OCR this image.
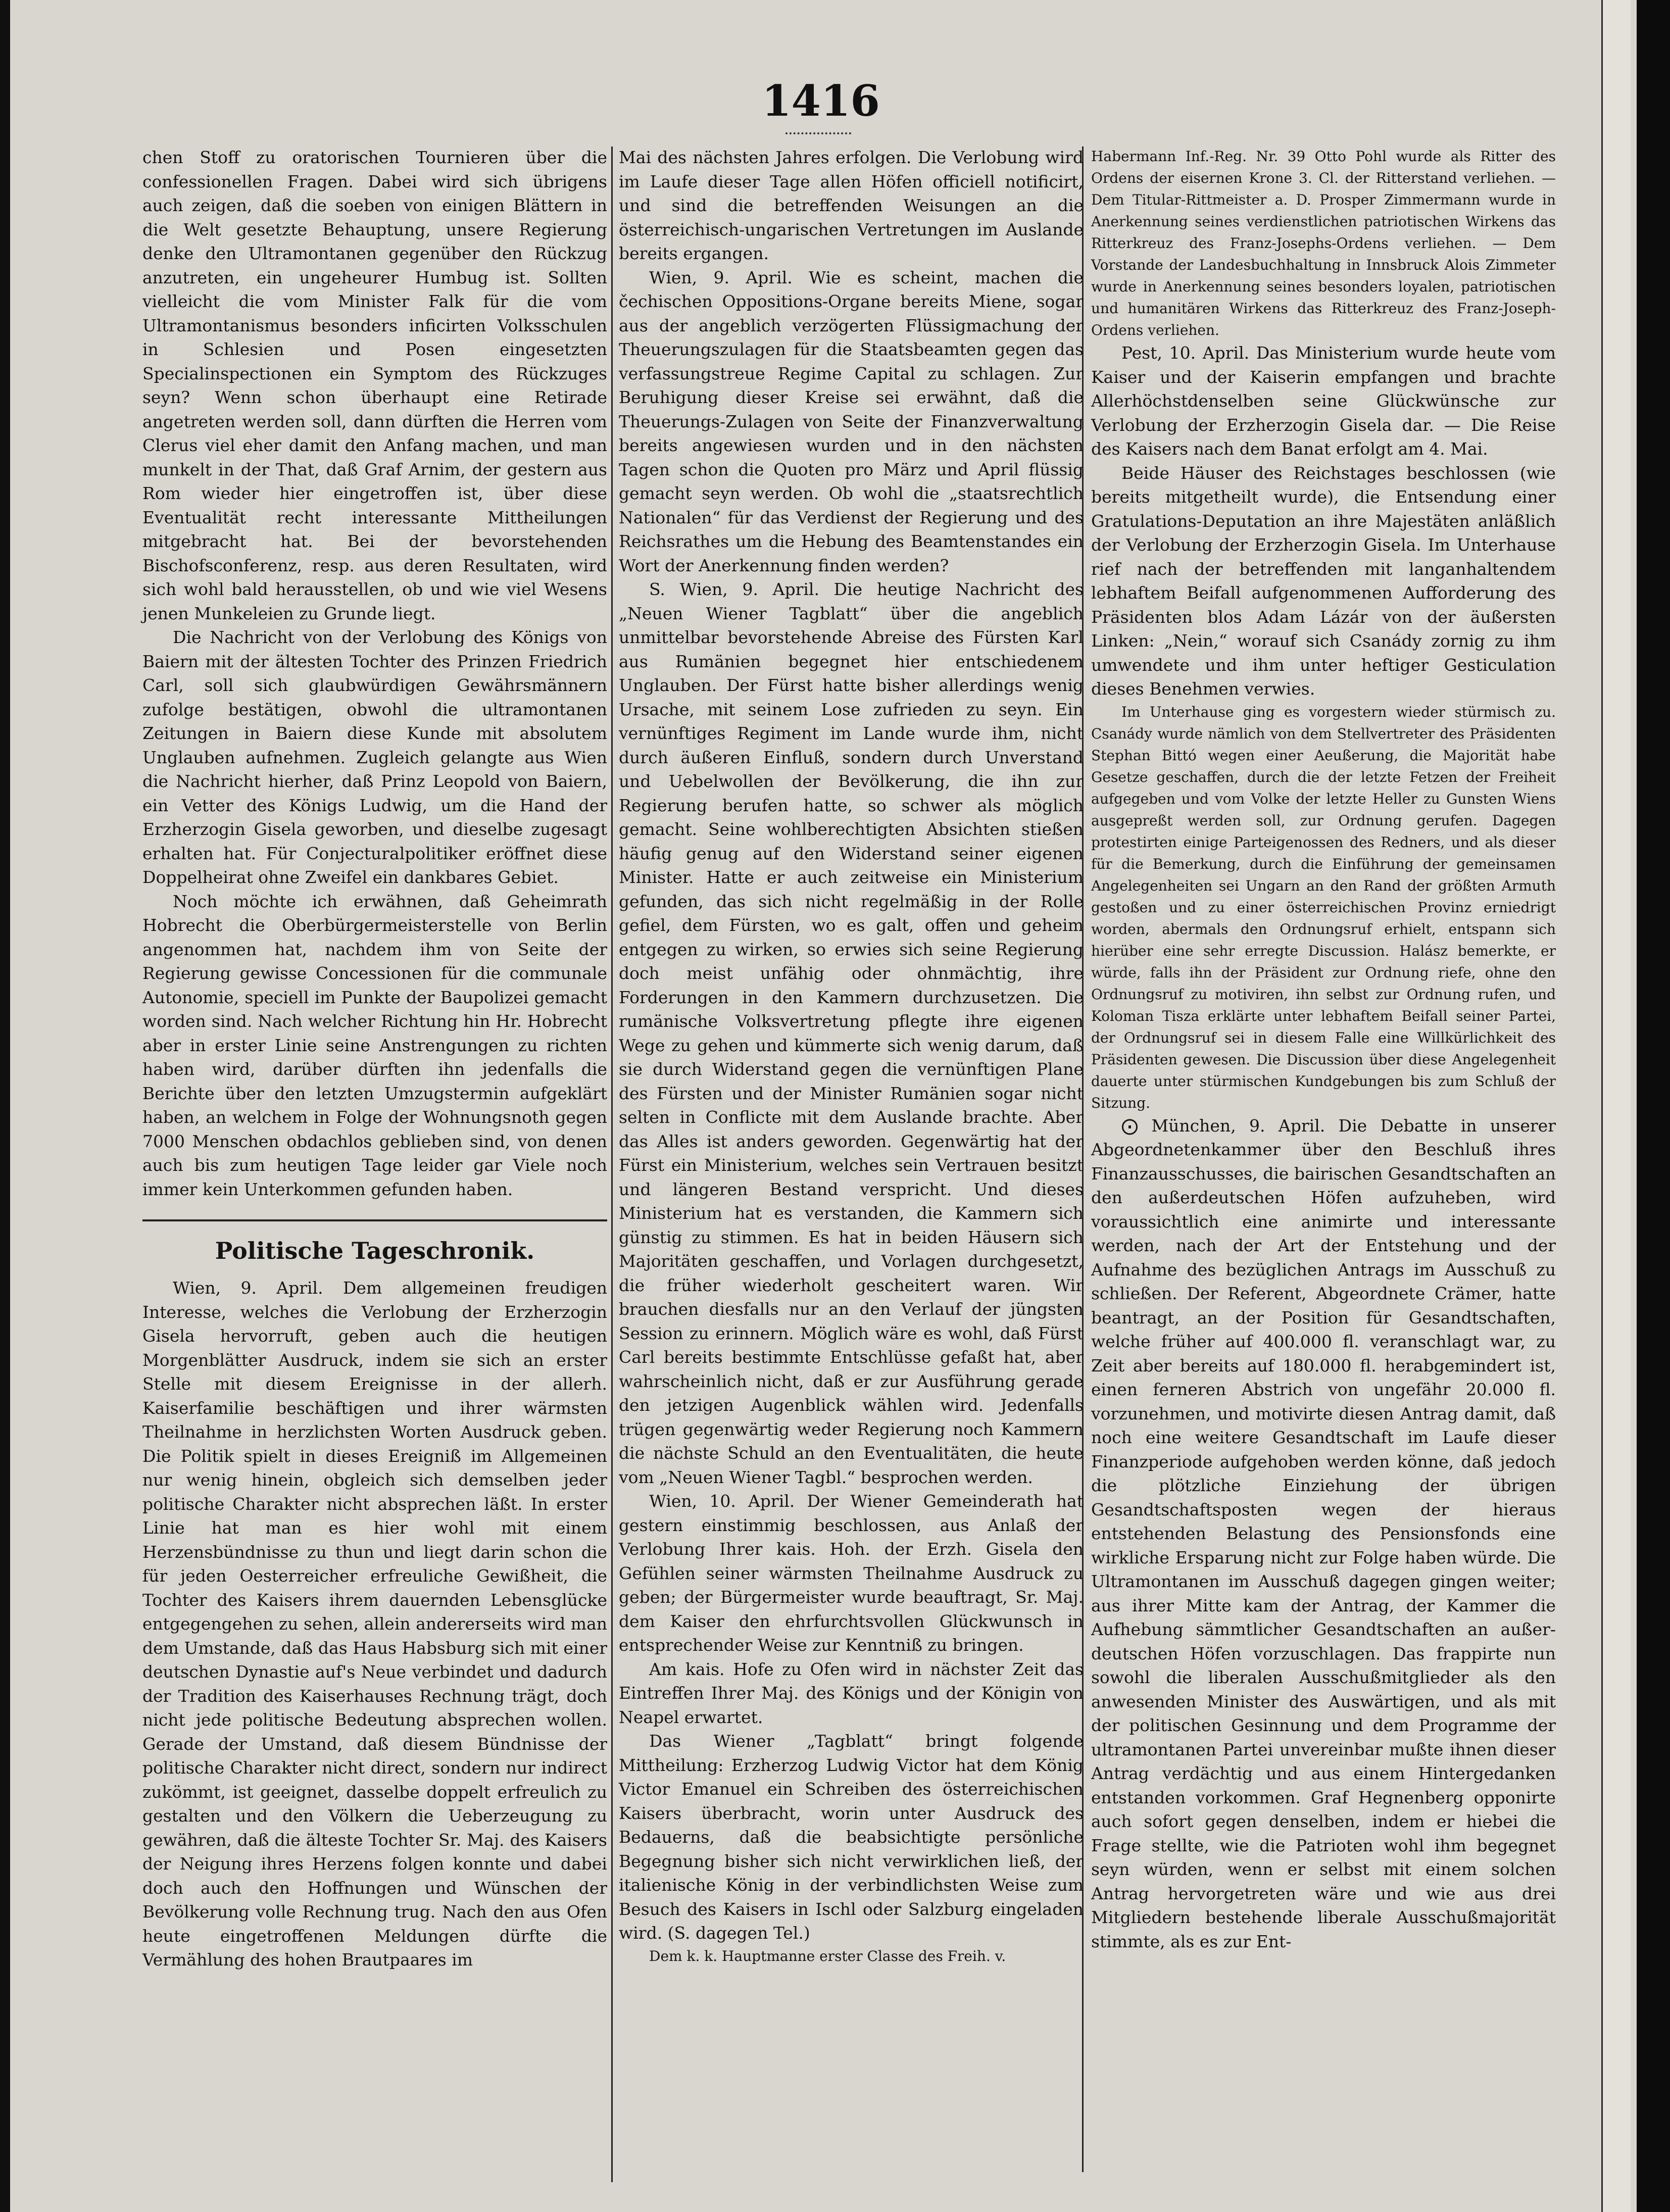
1416

chen Stoff zu oratorischen Tournieren über die confessionellen Fragen. Dabei wird sich übrigens auch zeigen, daß die soeben von einigen Blättern in die Welt gesetzte Behauptung, unsere Regierung denke den Ultramontanen gegenüber den Rückzug anzutreten, ein ungeheurer Humbug ist. Sollten vielleicht die vom Minister Falk für die vom Ultramontanismus besonders inficirten Volksschulen in Schlesien und Posen eingesetzten Specialinspectionen ein Symptom des Rückzuges seyn? Wenn schon überhaupt eine Retirade angetreten werden soll, dann dürften die Herren vom Clerus viel eher damit den Anfang machen, und man munkelt in der That, daß Graf Arnim, der gestern aus Rom wieder hier eingetroffen ist, über diese Eventualität recht interessante Mittheilungen mitgebracht hat. Bei der bevorstehenden Bischofsconferenz, resp. aus deren Resultaten, wird sich wohl bald herausstellen, ob und wie viel Wesens jenen Munkeleien zu Grunde liegt.

Die Nachricht von der Verlobung des Königs von Baiern mit der ältesten Tochter des Prinzen Friedrich Carl, soll sich glaubwürdigen Gewährsmännern zufolge bestätigen, obwohl die ultramontanen Zeitungen in Baiern diese Kunde mit absolutem Unglauben aufnehmen. Zugleich gelangte aus Wien die Nachricht hierher, daß Prinz Leopold von Baiern, ein Vetter des Königs Ludwig, um die Hand der Erzherzogin Gisela geworben, und dieselbe zugesagt erhalten hat. Für Conjecturalpolitiker eröffnet diese Doppelheirat ohne Zweifel ein dankbares Gebiet.

Noch möchte ich erwähnen, daß Geheimrath Hobrecht die Oberbürgermeisterstelle von Berlin angenommen hat, nachdem ihm von Seite der Regierung gewisse Concessionen für die communale Autonomie, speciell im Punkte der Baupolizei gemacht worden sind. Nach welcher Richtung hin Hr. Hobrecht aber in erster Linie seine Anstrengungen zu richten haben wird, darüber dürften ihn jedenfalls die Berichte über den letzten Umzugstermin aufgeklärt haben, an welchem in Folge der Wohnungsnoth gegen 7000 Menschen obdachlos geblieben sind, von denen auch bis zum heutigen Tage leider gar Viele noch immer kein Unterkommen gefunden haben.

Politische Tageschronik.

Wien, 9. April. Dem allgemeinen freudigen Interesse, welches die Verlobung der Erzherzogin Gisela hervorruft, geben auch die heutigen Morgenblätter Ausdruck, indem sie sich an erster Stelle mit diesem Ereignisse in der allerh. Kaiserfamilie beschäftigen und ihrer wärmsten Theilnahme in herzlichsten Worten Ausdruck geben. Die Politik spielt in dieses Ereigniß im Allgemeinen nur wenig hinein, obgleich sich demselben jeder politische Charakter nicht absprechen läßt. In erster Linie hat man es hier wohl mit einem Herzensbündnisse zu thun und liegt darin schon die für jeden Oesterreicher erfreuliche Gewißheit, die Tochter des Kaisers ihrem dauernden Lebensglücke entgegengehen zu sehen, allein andererseits wird man dem Umstande, daß das Haus Habsburg sich mit einer deutschen Dynastie auf's Neue verbindet und dadurch der Tradition des Kaiserhauses Rechnung trägt, doch nicht jede politische Bedeutung absprechen wollen. Gerade der Umstand, daß diesem Bündnisse der politische Charakter nicht direct, sondern nur indirect zukömmt, ist geeignet, dasselbe doppelt erfreulich zu gestalten und den Völkern die Ueberzeugung zu gewähren, daß die älteste Tochter Sr. Maj. des Kaisers der Neigung ihres Herzens folgen konnte und dabei doch auch den Hoffnungen und Wünschen der Bevölkerung volle Rechnung trug. Nach den aus Ofen heute eingetroffenen Meldungen dürfte die Vermählung des hohen Brautpaares im

Mai des nächsten Jahres erfolgen. Die Verlobung wird im Laufe dieser Tage allen Höfen officiell notificirt, und sind die betreffenden Weisungen an die österreichisch-ungarischen Vertretungen im Auslande bereits ergangen.

Wien, 9. April. Wie es scheint, machen die čechischen Oppositions-Organe bereits Miene, sogar aus der angeblich verzögerten Flüssigmachung der Theuerungszulagen für die Staatsbeamten gegen das verfassungstreue Regime Capital zu schlagen. Zur Beruhigung dieser Kreise sei erwähnt, daß die Theuerungs-Zulagen von Seite der Finanzverwaltung bereits angewiesen wurden und in den nächsten Tagen schon die Quoten pro März und April flüssig gemacht seyn werden. Ob wohl die „staatsrechtlich Nationalen“ für das Verdienst der Regierung und des Reichsrathes um die Hebung des Beamtenstandes ein Wort der Anerkennung finden werden?

S. Wien, 9. April. Die heutige Nachricht des „Neuen Wiener Tagblatt“ über die angeblich unmittelbar bevorstehende Abreise des Fürsten Karl aus Rumänien begegnet hier entschiedenem Unglauben. Der Fürst hatte bisher allerdings wenig Ursache, mit seinem Lose zufrieden zu seyn. Ein vernünftiges Regiment im Lande wurde ihm, nicht durch äußeren Einfluß, sondern durch Unverstand und Uebelwollen der Bevölkerung, die ihn zur Regierung berufen hatte, so schwer als möglich gemacht. Seine wohlberechtigten Absichten stießen häufig genug auf den Widerstand seiner eigenen Minister. Hatte er auch zeitweise ein Ministerium gefunden, das sich nicht regelmäßig in der Rolle gefiel, dem Fürsten, wo es galt, offen und geheim entgegen zu wirken, so erwies sich seine Regierung doch meist unfähig oder ohnmächtig, ihre Forderungen in den Kammern durchzusetzen. Die rumänische Volksvertretung pflegte ihre eigenen Wege zu gehen und kümmerte sich wenig darum, daß sie durch Widerstand gegen die vernünftigen Plane des Fürsten und der Minister Rumänien sogar nicht selten in Conflicte mit dem Auslande brachte. Aber das Alles ist anders geworden. Gegenwärtig hat der Fürst ein Ministerium, welches sein Vertrauen besitzt und längeren Bestand verspricht. Und dieses Ministerium hat es verstanden, die Kammern sich günstig zu stimmen. Es hat in beiden Häusern sich Majoritäten geschaffen, und Vorlagen durchgesetzt, die früher wiederholt gescheitert waren. Wir brauchen diesfalls nur an den Verlauf der jüngsten Session zu erinnern. Möglich wäre es wohl, daß Fürst Carl bereits bestimmte Entschlüsse gefaßt hat, aber wahrscheinlich nicht, daß er zur Ausführung gerade den jetzigen Augenblick wählen wird. Jedenfalls trügen gegenwärtig weder Regierung noch Kammern die nächste Schuld an den Eventualitäten, die heute vom „Neuen Wiener Tagbl.“ besprochen werden.

Wien, 10. April. Der Wiener Gemeinderath hat gestern einstimmig beschlossen, aus Anlaß der Verlobung Ihrer kais. Hoh. der Erzh. Gisela den Gefühlen seiner wärmsten Theilnahme Ausdruck zu geben; der Bürgermeister wurde beauftragt, Sr. Maj. dem Kaiser den ehrfurchtsvollen Glückwunsch in entsprechender Weise zur Kenntniß zu bringen.

Am kais. Hofe zu Ofen wird in nächster Zeit das Eintreffen Ihrer Maj. des Königs und der Königin von Neapel erwartet.

Das Wiener „Tagblatt“ bringt folgende Mittheilung: Erzherzog Ludwig Victor hat dem König Victor Emanuel ein Schreiben des österreichischen Kaisers überbracht, worin unter Ausdruck des Bedauerns, daß die beabsichtigte persönliche Begegnung bisher sich nicht verwirklichen ließ, der italienische König in der verbindlichsten Weise zum Besuch des Kaisers in Ischl oder Salzburg eingeladen wird. (S. dagegen Tel.)

Dem k. k. Hauptmanne erster Classe des Freih. v.

Habermann Inf.-Reg. Nr. 39 Otto Pohl wurde als Ritter des Ordens der eisernen Krone 3. Cl. der Ritterstand verliehen. — Dem Titular-Rittmeister a. D. Prosper Zimmermann wurde in Anerkennung seines verdienstlichen patriotischen Wirkens das Ritterkreuz des Franz-Josephs-Ordens verliehen. — Dem Vorstande der Landesbuchhaltung in Innsbruck Alois Zimmeter wurde in Anerkennung seines besonders loyalen, patriotischen und humanitären Wirkens das Ritterkreuz des Franz-Joseph-Ordens verliehen.

Pest, 10. April. Das Ministerium wurde heute vom Kaiser und der Kaiserin empfangen und brachte Allerhöchstdenselben seine Glückwünsche zur Verlobung der Erzherzogin Gisela dar. — Die Reise des Kaisers nach dem Banat erfolgt am 4. Mai.

Beide Häuser des Reichstages beschlossen (wie bereits mitgetheilt wurde), die Entsendung einer Gratulations-Deputation an ihre Majestäten anläßlich der Verlobung der Erzherzogin Gisela. Im Unterhause rief nach der betreffenden mit langanhaltendem lebhaftem Beifall aufgenommenen Aufforderung des Präsidenten blos Adam Lázár von der äußersten Linken: „Nein,“ worauf sich Csanády zornig zu ihm umwendete und ihm unter heftiger Gesticulation dieses Benehmen verwies.

Im Unterhause ging es vorgestern wieder stürmisch zu. Csanády wurde nämlich von dem Stellvertreter des Präsidenten Stephan Bittó wegen einer Aeußerung, die Majorität habe Gesetze geschaffen, durch die der letzte Fetzen der Freiheit aufgegeben und vom Volke der letzte Heller zu Gunsten Wiens ausgepreßt werden soll, zur Ordnung gerufen. Dagegen protestirten einige Parteigenossen des Redners, und als dieser für die Bemerkung, durch die Einführung der gemeinsamen Angelegenheiten sei Ungarn an den Rand der größten Armuth gestoßen und zu einer österreichischen Provinz erniedrigt worden, abermals den Ordnungsruf erhielt, entspann sich hierüber eine sehr erregte Discussion. Halász bemerkte, er würde, falls ihn der Präsident zur Ordnung riefe, ohne den Ordnungsruf zu motiviren, ihn selbst zur Ordnung rufen, und Koloman Tisza erklärte unter lebhaftem Beifall seiner Partei, der Ordnungsruf sei in diesem Falle eine Willkürlichkeit des Präsidenten gewesen. Die Discussion über diese Angelegenheit dauerte unter stürmischen Kundgebungen bis zum Schluß der Sitzung.

⨀ München, 9. April. Die Debatte in unserer Abgeordnetenkammer über den Beschluß ihres Finanzausschusses, die bairischen Gesandtschaften an den außerdeutschen Höfen aufzuheben, wird voraussichtlich eine animirte und interessante werden, nach der Art der Entstehung und der Aufnahme des bezüglichen Antrags im Ausschuß zu schließen. Der Referent, Abgeordnete Crämer, hatte beantragt, an der Position für Gesandtschaften, welche früher auf 400.000 fl. veranschlagt war, zu Zeit aber bereits auf 180.000 fl. herabgemindert ist, einen ferneren Abstrich von ungefähr 20.000 fl. vorzunehmen, und motivirte diesen Antrag damit, daß noch eine weitere Gesandtschaft im Laufe dieser Finanzperiode aufgehoben werden könne, daß jedoch die plötzliche Einziehung der übrigen Gesandtschaftsposten wegen der hieraus entstehenden Belastung des Pensionsfonds eine wirkliche Ersparung nicht zur Folge haben würde. Die Ultramontanen im Ausschuß dagegen gingen weiter; aus ihrer Mitte kam der Antrag, der Kammer die Aufhebung sämmtlicher Gesandtschaften an außer-deutschen Höfen vorzuschlagen. Das frappirte nun sowohl die liberalen Ausschußmitglieder als den anwesenden Minister des Auswärtigen, und als mit der politischen Gesinnung und dem Programme der ultramontanen Partei unvereinbar mußte ihnen dieser Antrag verdächtig und aus einem Hintergedanken entstanden vorkommen. Graf Hegnenberg opponirte auch sofort gegen denselben, indem er hiebei die Frage stellte, wie die Patrioten wohl ihm begegnet seyn würden, wenn er selbst mit einem solchen Antrag hervorgetreten wäre und wie aus drei Mitgliedern bestehende liberale Ausschußmajorität stimmte, als es zur Ent-
